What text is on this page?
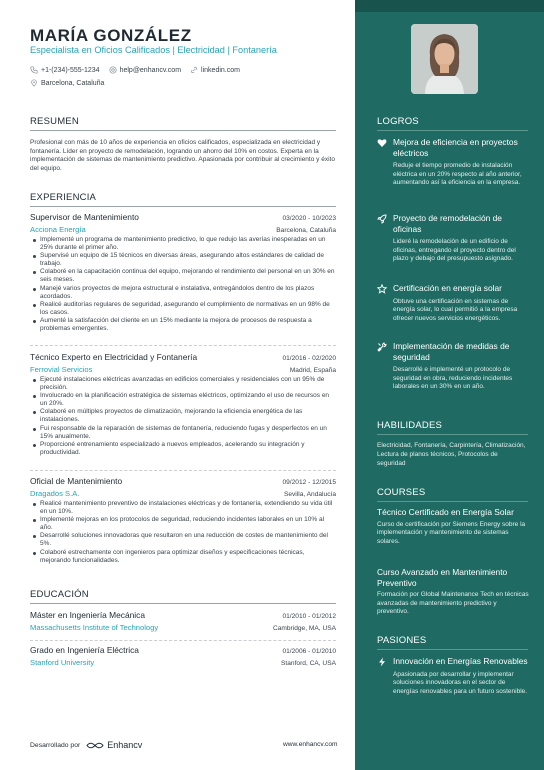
MARÍA GONZÁLEZ
Especialista en Oficios Calificados | Electricidad | Fontanería
+1-(234)-555-1234	help@enhancv.com	linkedin.com
Barcelona, Cataluña
RESUMEN
Profesional con más de 10 años de experiencia en oficios calificados, especializada en electricidad y fontanería. Líder en proyecto de remodelación, logrando un ahorro del 10% en costos. Experta en la implementación de sistemas de mantenimiento predictivo. Apasionada por contribuir al crecimiento y éxito del equipo.
EXPERIENCIA
Supervisor de Mantenimiento	03/2020 - 10/2023
Acciona Energía	Barcelona, Cataluña
Implementé un programa de mantenimiento predictivo, lo que redujo las averías inesperadas en un 25% durante el primer año.
Supervisé un equipo de 15 técnicos en diversas áreas, asegurando altos estándares de calidad de trabajo.
Colaboré en la capacitación continua del equipo, mejorando el rendimiento del personal en un 30% en seis meses.
Manejé varios proyectos de mejora estructural e instalativa, entregándolos dentro de los plazos acordados.
Realicé auditorías regulares de seguridad, asegurando el cumplimiento de normativas en un 98% de los casos.
Aumenté la satisfacción del cliente en un 15% mediante la mejora de procesos de respuesta a problemas emergentes.
Técnico Experto en Electricidad y Fontanería	01/2016 - 02/2020
Ferrovial Servicios	Madrid, España
Ejecuté instalaciones eléctricas avanzadas en edificios comerciales y residenciales con un 95% de precisión.
Involucrado en la planificación estratégica de sistemas eléctricos, optimizando el uso de recursos en un 20%.
Colaboré en múltiples proyectos de climatización, mejorando la eficiencia energética de las instalaciones.
Fui responsable de la reparación de sistemas de fontanería, reduciendo fugas y desperfectos en un 15% anualmente.
Proporcioné entrenamiento especializado a nuevos empleados, acelerando su integración y productividad.
Oficial de Mantenimiento	09/2012 - 12/2015
Dragados S.A.	Sevilla, Andalucía
Realicé mantenimiento preventivo de instalaciones eléctricas y de fontanería, extendiendo su vida útil en un 10%.
Implementé mejoras en los protocolos de seguridad, reduciendo incidentes laborales en un 10% al año.
Desarrollé soluciones innovadoras que resultaron en una reducción de costes de mantenimiento del 5%.
Colaboré estrechamente con ingenieros para optimizar diseños y especificaciones técnicas, mejorando funcionalidades.
EDUCACIÓN
Máster en Ingeniería Mecánica	01/2010 - 01/2012
Massachusetts Institute of Technology	Cambridge, MA, USA
Grado en Ingeniería Eléctrica	01/2006 - 01/2010
Stanford University	Stanford, CA, USA
Desarrollado por	Enhancv	www.enhancv.com
LOGROS
Mejora de eficiencia en proyectos eléctricos
Reduje el tiempo promedio de instalación eléctrica en un 20% respecto al año anterior, aumentando así la eficiencia en la empresa.
Proyecto de remodelación de oficinas
Lideré la remodelación de un edificio de oficinas, entregando el proyecto dentro del plazo y debajo del presupuesto asignado.
Certificación en energía solar
Obtuve una certificación en sistemas de energía solar, lo cual permitió a la empresa ofrecer nuevos servicios energéticos.
Implementación de medidas de seguridad
Desarrollé e implementé un protocolo de seguridad en obra, reduciendo incidentes laborales en un 30% en un año.
HABILIDADES
Electricidad, Fontanería, Carpintería, Climatización, Lectura de planos técnicos, Protocolos de seguridad
COURSES
Técnico Certificado en Energía Solar
Curso de certificación por Siemens Energy sobre la implementación y mantenimiento de sistemas solares.
Curso Avanzado en Mantenimiento Preventivo
Formación por Global Maintenance Tech en técnicas avanzadas de mantenimiento predictivo y preventivo.
PASIONES
Innovación en Energías Renovables
Apasionada por desarrollar y implementar soluciones innovadoras en el sector de energías renovables para un futuro sostenible.
